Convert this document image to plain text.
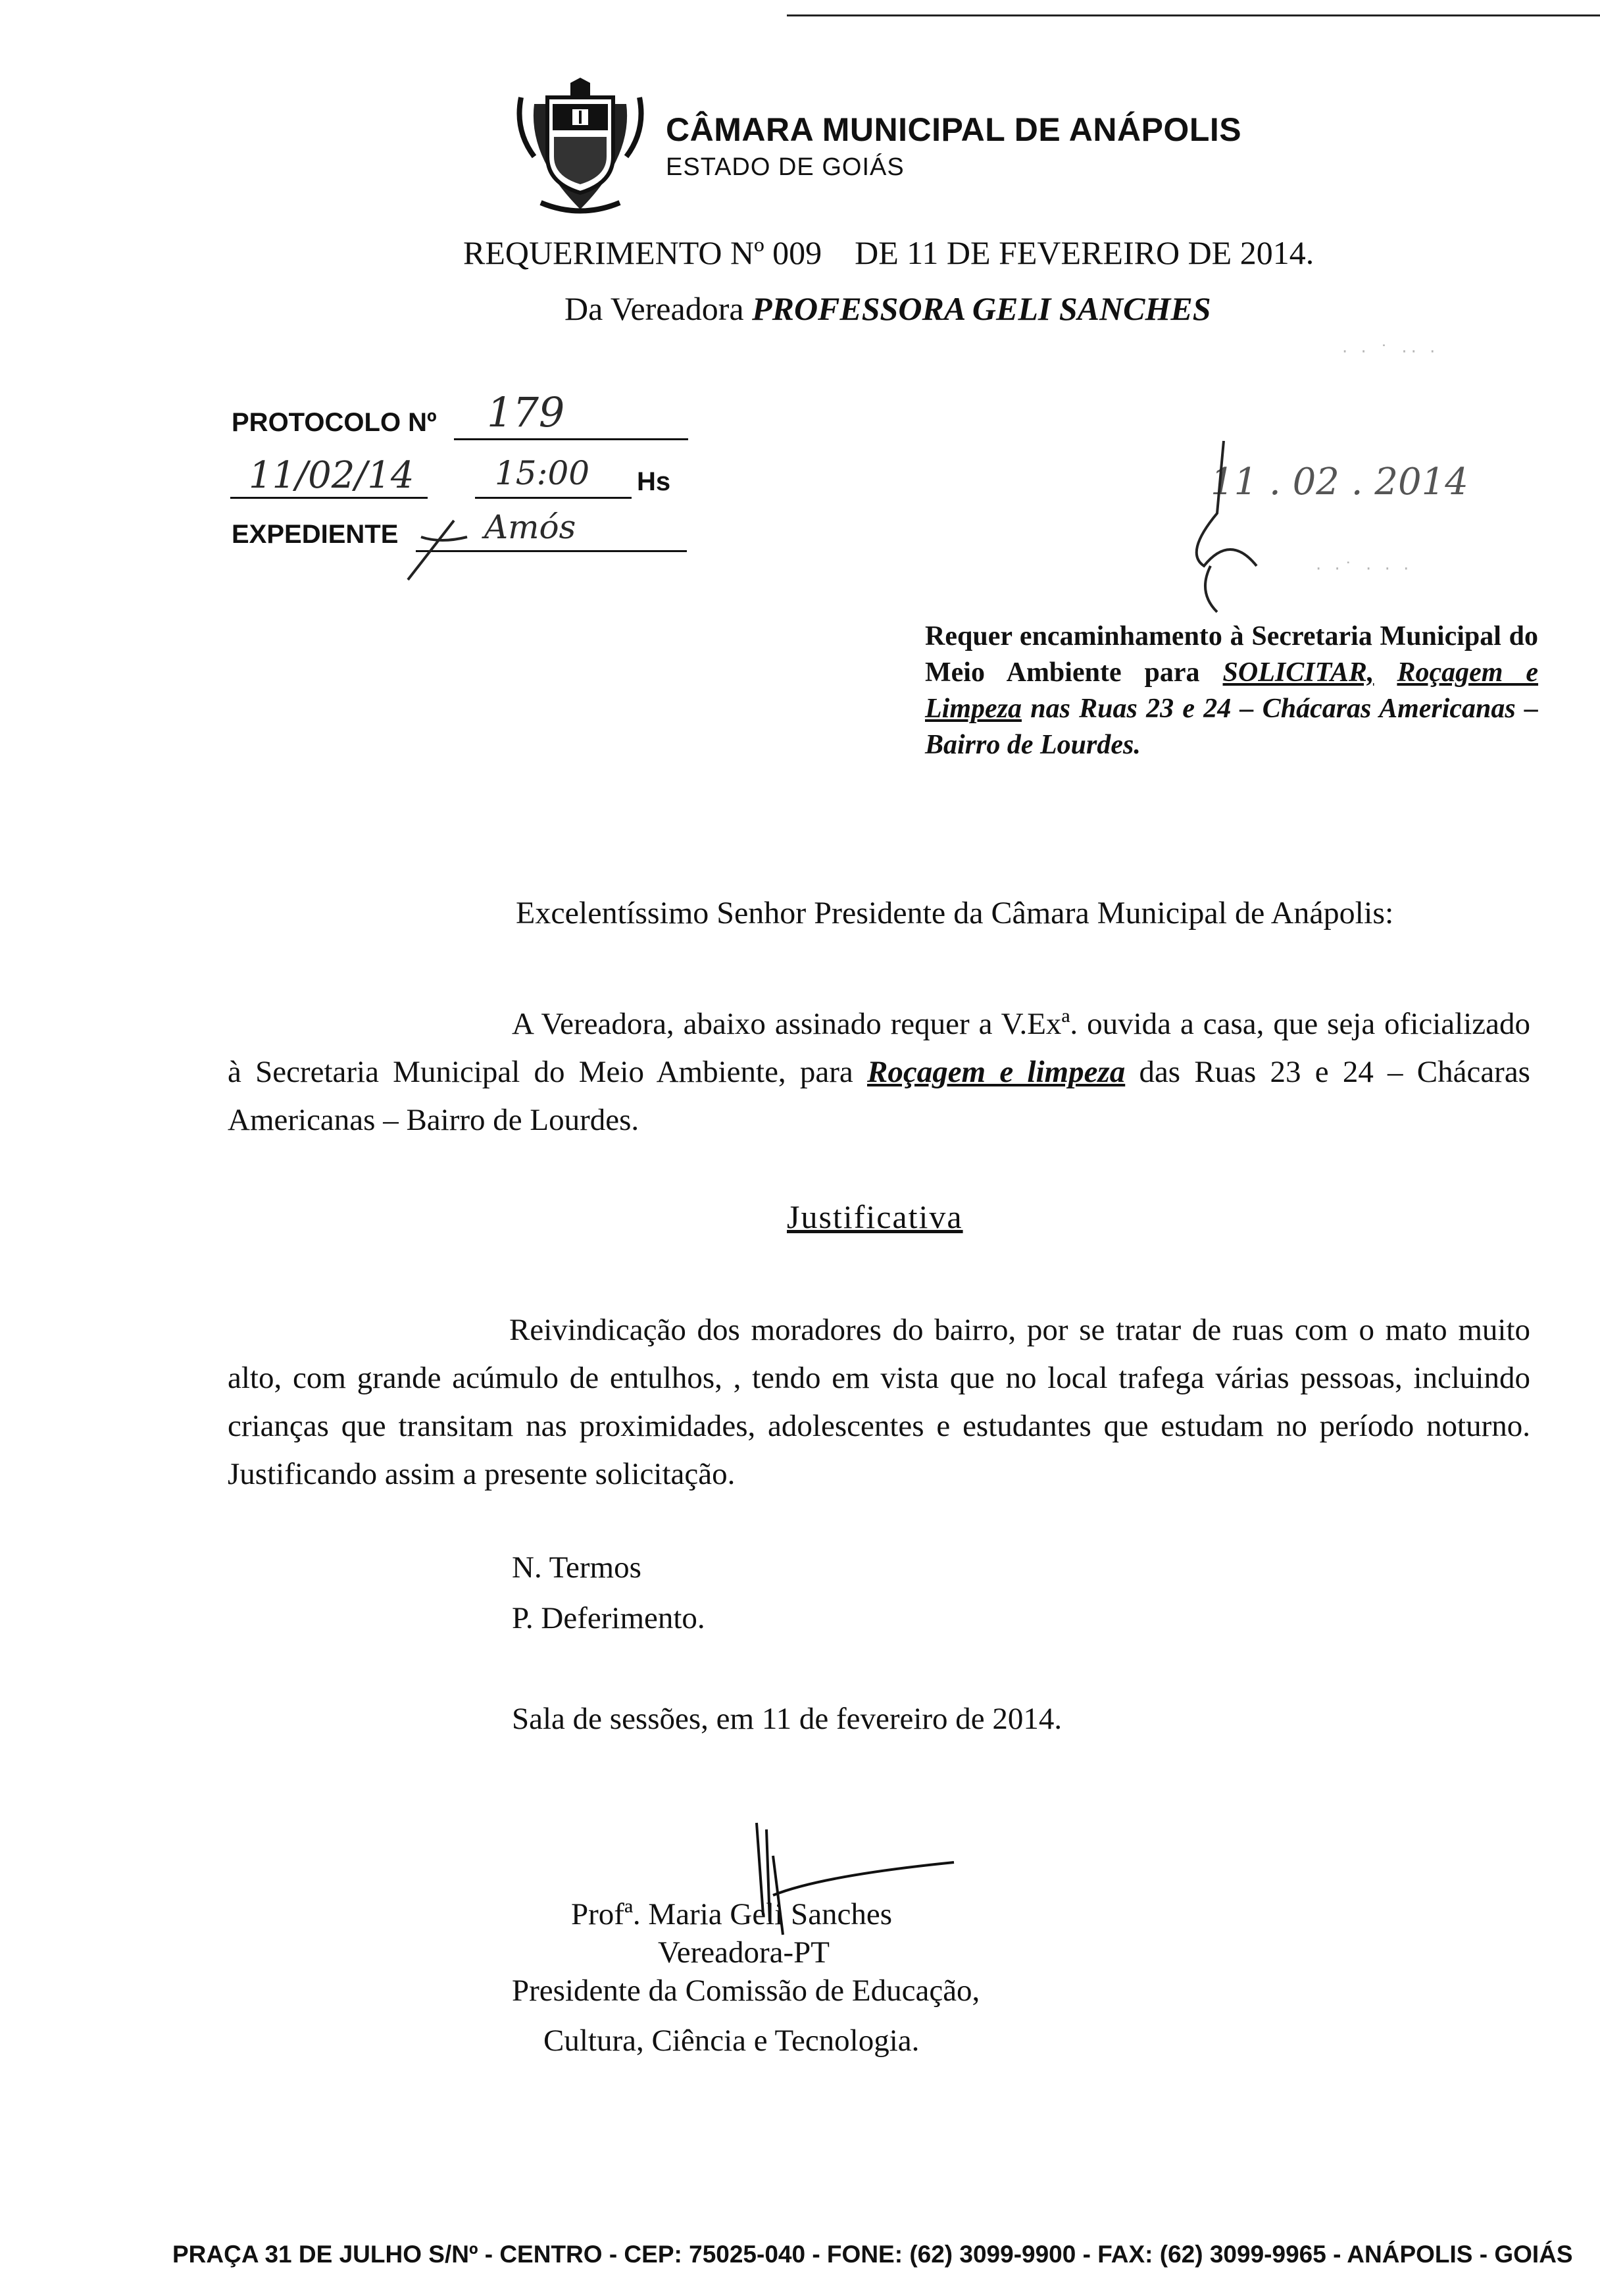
CÂMARA MUNICIPAL DE ANÁPOLIS
ESTADO DE GOIÁS
REQUERIMENTO Nº 009    DE 11 DE FEVEREIRO DE 2014.
Da Vereadora PROFESSORA GELI SANCHES
PROTOCOLO Nº 179
11/02/14 15:00 Hs
EXPEDIENTE	Amós
11 . 02 . 2014
· · ˙ ·· ·
· ·˙ · · ·
Requer encaminhamento à Secretaria Municipal do Meio Ambiente para SOLICITAR, Roçagem e Limpeza nas Ruas 23 e 24 – Chácaras Americanas – Bairro de Lourdes.
Excelentíssimo Senhor Presidente da Câmara Municipal de Anápolis:
A Vereadora, abaixo assinado requer a V.Exª. ouvida a casa, que seja oficializado à Secretaria Municipal do Meio Ambiente, para Roçagem e limpeza das Ruas 23 e 24 – Chácaras Americanas – Bairro de Lourdes.
Justificativa
Reivindicação dos moradores do bairro, por se tratar de ruas com o mato muito alto, com grande acúmulo de entulhos, , tendo em vista que no local trafega várias pessoas, incluindo crianças que transitam nas proximidades, adolescentes e estudantes que estudam no período noturno. Justificando assim a presente solicitação.
N. Termos
P. Deferimento.
Sala de sessões, em 11 de fevereiro de 2014.
Profª. Maria Geli Sanches
Vereadora-PT
Presidente da Comissão de Educação,
Cultura, Ciência e Tecnologia.
PRAÇA 31 DE JULHO S/Nº - CENTRO - CEP: 75025-040 - FONE: (62) 3099-9900 - FAX: (62) 3099-9965 - ANÁPOLIS - GOIÁS
